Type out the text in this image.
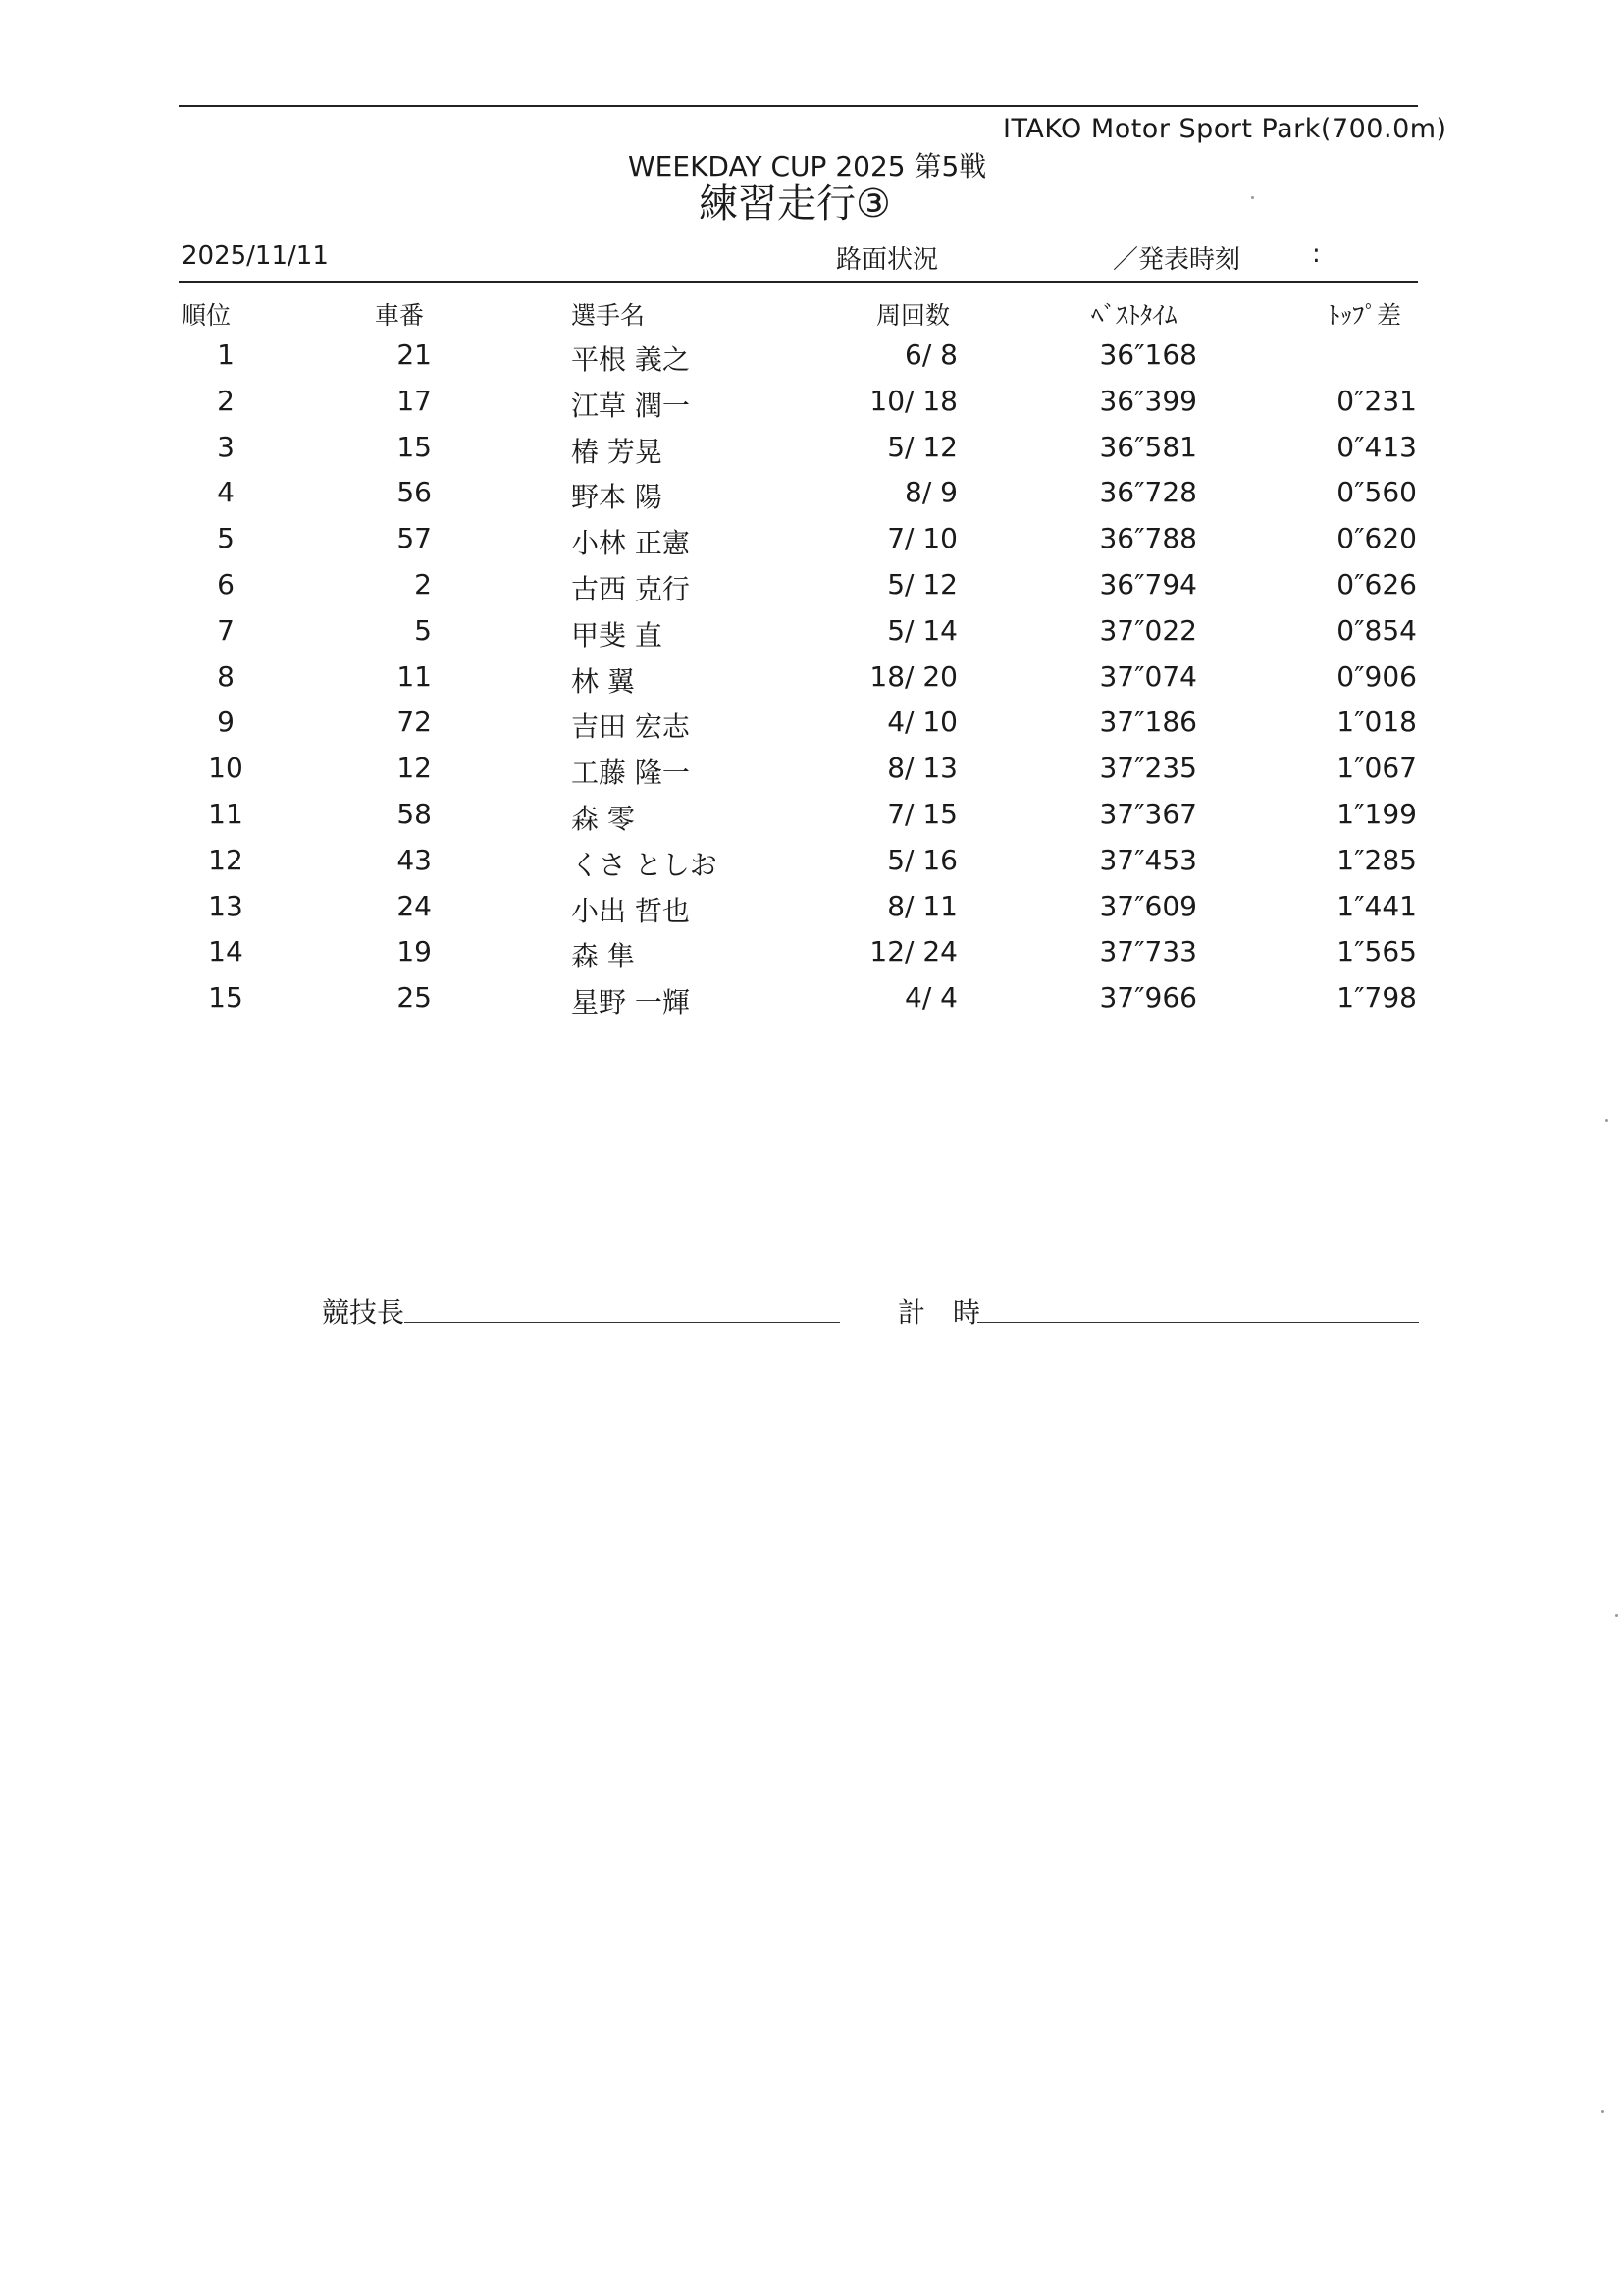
ITAKO Motor Sport Park(700.0m)
WEEKDAY CUP 2025 第5戦
練習走行③
2025/11/11	路面状況	／発表時刻	:
順位	車番	選手名	周回数	ﾍﾞｽﾄﾀｲﾑ	ﾄｯﾌﾟ差
1	21	平根 義之	6/ 8	36″168
2	17	江草 潤一	10/ 18	36″399	0″231
3	15	椿 芳晃	5/ 12	36″581	0″413
4	56	野本 陽	8/ 9	36″728	0″560
5	57	小林 正憲	7/ 10	36″788	0″620
6	2	古西 克行	5/ 12	36″794	0″626
7	5	甲斐 直	5/ 14	37″022	0″854
8	11	林 翼	18/ 20	37″074	0″906
9	72	吉田 宏志	4/ 10	37″186	1″018
10	12	工藤 隆一	8/ 13	37″235	1″067
11	58	森 零	7/ 15	37″367	1″199
12	43	くさ としお	5/ 16	37″453	1″285
13	24	小出 哲也	8/ 11	37″609	1″441
14	19	森 隼	12/ 24	37″733	1″565
15	25	星野 一輝	4/ 4	37″966	1″798
競技長	計　時
